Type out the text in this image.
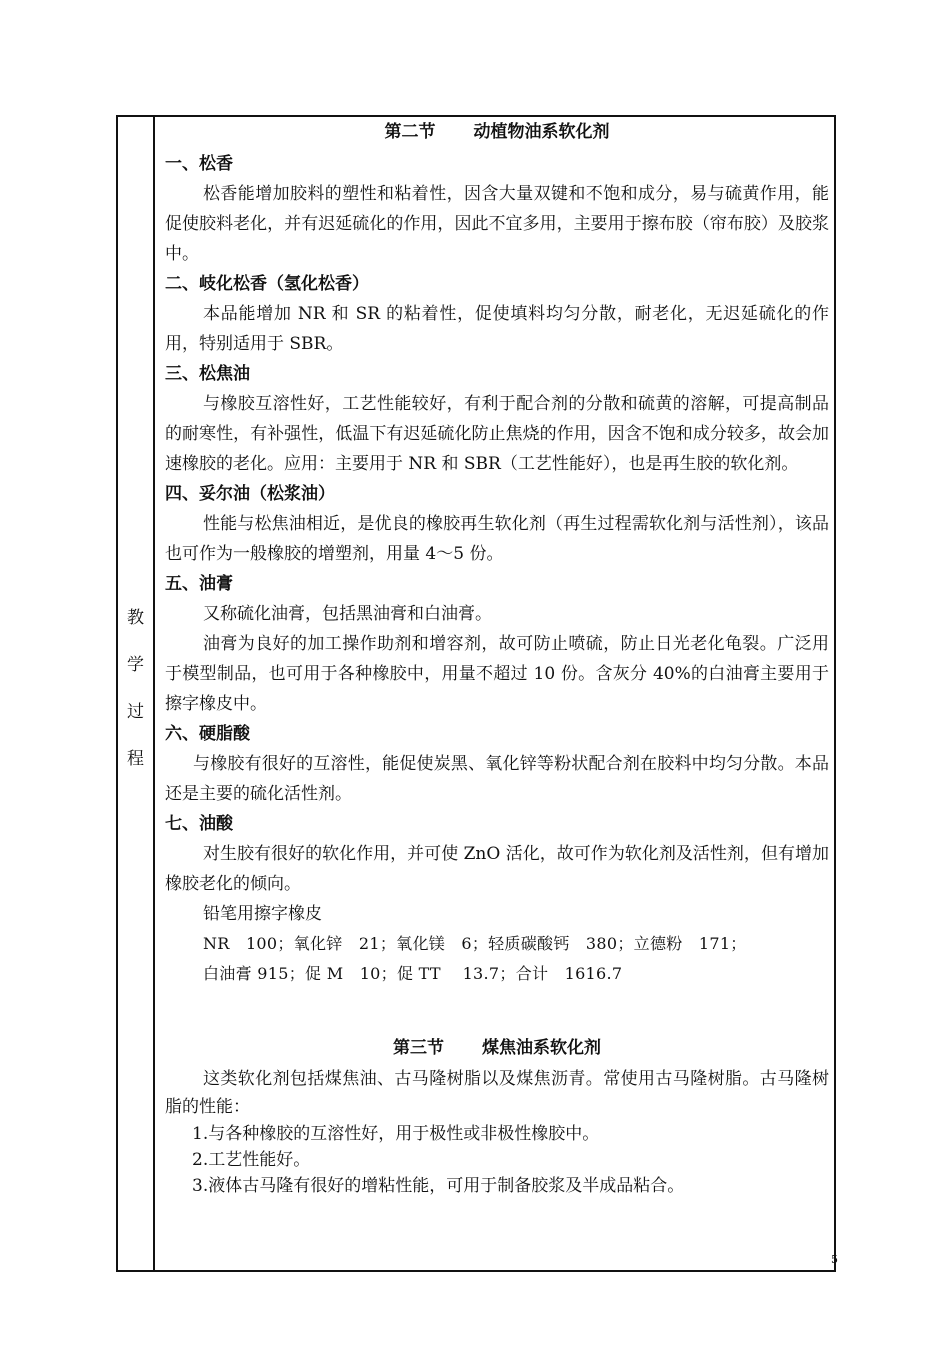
教
学
过
程
第二节 动植物油系软化剂
一、松香

松香能增加胶料的塑性和粘着性，因含大量双键和不饱和成分，易与硫黄作用，能促使胶料老化，并有迟延硫化的作用，因此不宜多用，主要用于擦布胶（帘布胶）及胶浆中。

二、岐化松香（氢化松香）

本品能增加 NR 和 SR 的粘着性，促使填料均匀分散，耐老化，无迟延硫化的作用，特别适用于 SBR。

三、松焦油

与橡胶互溶性好，工艺性能较好，有利于配合剂的分散和硫黄的溶解，可提高制品的耐寒性，有补强性，低温下有迟延硫化防止焦烧的作用，因含不饱和成分较多，故会加速橡胶的老化。应用：主要用于 NR 和 SBR（工艺性能好），也是再生胶的软化剂。

四、妥尔油（松浆油）

性能与松焦油相近，是优良的橡胶再生软化剂（再生过程需软化剂与活性剂），该品也可作为一般橡胶的增塑剂，用量 4～5 份。

五、油膏

又称硫化油膏，包括黑油膏和白油膏。

油膏为良好的加工操作助剂和增容剂，故可防止喷硫，防止日光老化龟裂。广泛用于模型制品，也可用于各种橡胶中，用量不超过 10 份。含灰分 40%的白油膏主要用于擦字橡皮中。

六、硬脂酸

与橡胶有很好的互溶性，能促使炭黑、氧化锌等粉状配合剂在胶料中均匀分散。本品还是主要的硫化活性剂。

七、油酸

对生胶有很好的软化作用，并可使 ZnO 活化，故可作为软化剂及活性剂，但有增加橡胶老化的倾向。

铅笔用擦字橡皮

NR　100；氧化锌　21；氧化镁　6；轻质碳酸钙　380；立德粉　171；
白油膏 915；促 M　10；促 TT　 13.7；合计　1616.7
第三节 煤焦油系软化剂

这类软化剂包括煤焦油、古马隆树脂以及煤焦沥青。常使用古马隆树脂。古马隆树脂的性能：

1.与各种橡胶的互溶性好，用于极性或非极性橡胶中。
2.工艺性能好。
3.液体古马隆有很好的增粘性能，可用于制备胶浆及半成品粘合。
5
